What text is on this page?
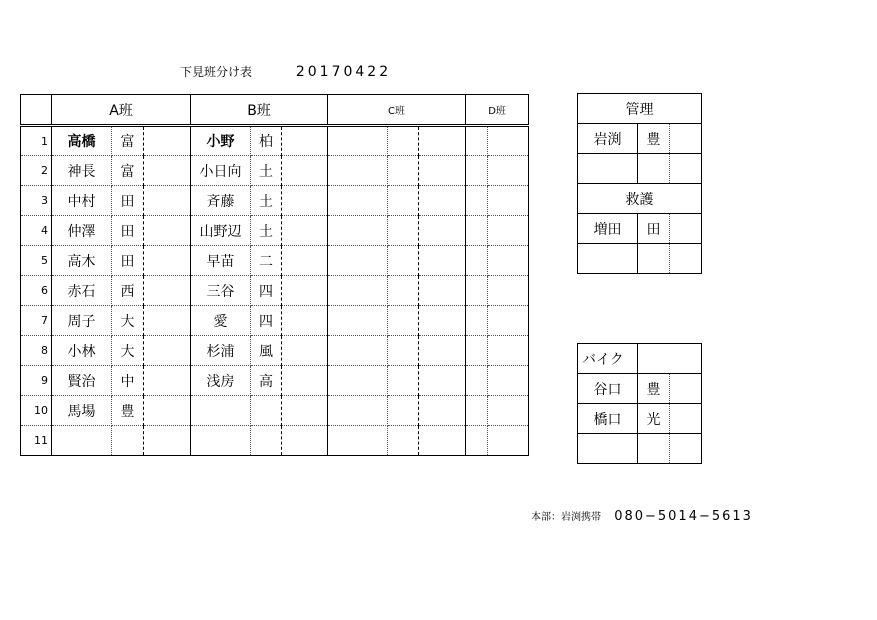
下見班分け表	20170422
	A班			B班			C班			D班	
1	高橋	富		小野	柏						
2	神長	富		小日向	土						
3	中村	田		斉藤	土						
4	仲澤	田		山野辺	土						
5	高木	田		早苗	二						
6	赤石	西		三谷	四						
7	周子	大		愛	四						
8	小林	大		杉浦	風						
9	賢治	中		浅房	高						
10	馬場	豊									
11											
管理		
岩渕	豊	

救護		
増田	田	

バイク		
谷口	豊	
橋口	光	

本部：岩渕携帯 080−5014−5613
